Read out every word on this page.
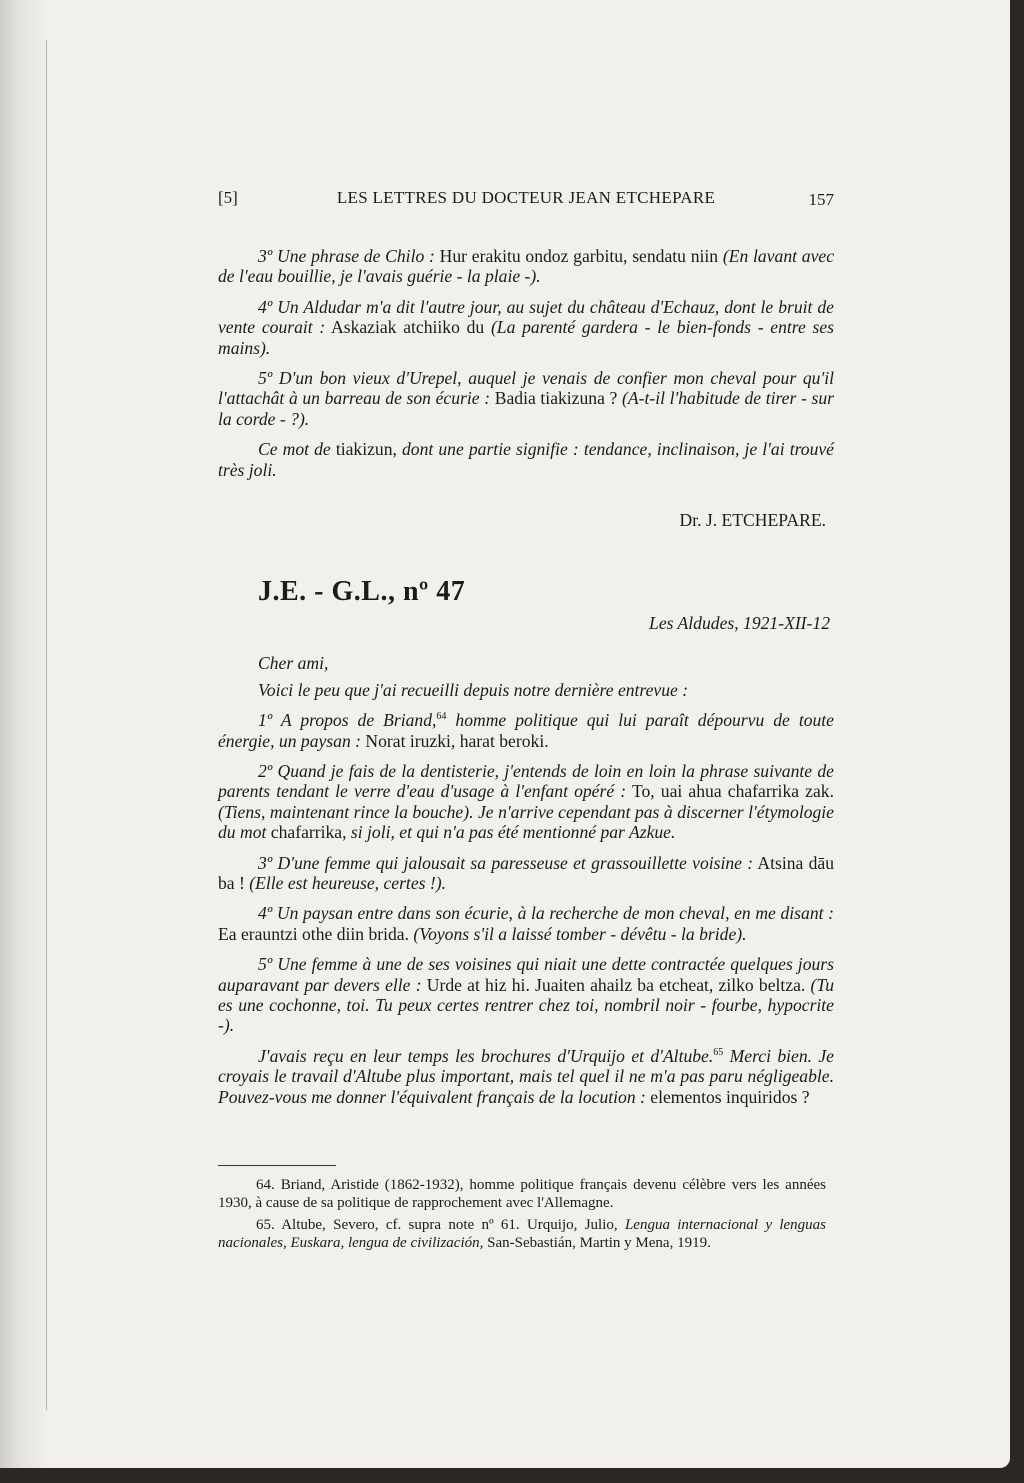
[5]	LES LETTRES DU DOCTEUR JEAN ETCHEPARE	157

3º Une phrase de Chilo : Hur erakitu ondoz garbitu, sendatu niin (En lavant avec de l'eau bouillie, je l'avais guérie - la plaie -).

4º Un Aldudar m'a dit l'autre jour, au sujet du château d'Echauz, dont le bruit de vente courait : Askaziak atchiiko du (La parenté gardera - le bien-fonds - entre ses mains).

5º D'un bon vieux d'Urepel, auquel je venais de confier mon cheval pour qu'il l'attachât à un barreau de son écurie : Badia tiakizuna ? (A-t-il l'habitude de tirer - sur la corde - ?).

Ce mot de tiakizun, dont une partie signifie : tendance, inclinaison, je l'ai trouvé très joli.

Dr. J. ETCHEPARE.

J.E. - G.L., nº 47

Les Aldudes, 1921-XII-12

Cher ami,

Voici le peu que j'ai recueilli depuis notre dernière entrevue :

1º A propos de Briand,$^{64}$ homme politique qui lui paraît dépourvu de toute énergie, un paysan : Norat iruzki, harat beroki.

2º Quand je fais de la dentisterie, j'entends de loin en loin la phrase suivante de parents tendant le verre d'eau d'usage à l'enfant opéré : To, uai ahua chafarrika zak. (Tiens, maintenant rince la bouche). Je n'arrive cependant pas à discerner l'étymologie du mot chafarrika, si joli, et qui n'a pas été mentionné par Azkue.

3º D'une femme qui jalousait sa paresseuse et grassouillette voisine : Atsina dāu ba ! (Elle est heureuse, certes !).

4º Un paysan entre dans son écurie, à la recherche de mon cheval, en me disant : Ea erauntzi othe diin brida. (Voyons s'il a laissé tomber - dévêtu - la bride).

5º Une femme à une de ses voisines qui niait une dette contractée quelques jours auparavant par devers elle : Urde at hiz hi. Juaiten ahailz ba etcheat, zilko beltza. (Tu es une cochonne, toi. Tu peux certes rentrer chez toi, nombril noir - fourbe, hypocrite -).

J'avais reçu en leur temps les brochures d'Urquijo et d'Altube.$^{65}$ Merci bien. Je croyais le travail d'Altube plus important, mais tel quel il ne m'a pas paru négligeable. Pouvez-vous me donner l'équivalent français de la locution : elementos inquiridos ?

64. Briand, Aristide (1862-1932), homme politique français devenu célèbre vers les années 1930, à cause de sa politique de rapprochement avec l'Allemagne.

65. Altube, Severo, cf. supra note nº 61. Urquijo, Julio, Lengua internacional y lenguas nacionales, Euskara, lengua de civilización, San-Sebastián, Martin y Mena, 1919.
